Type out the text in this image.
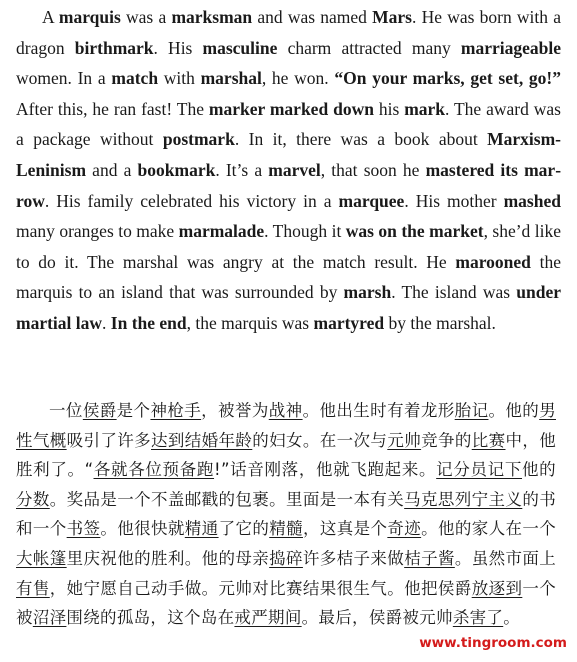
A marquis was a marksman and was named Mars. He was born with a dragon birthmark. His masculine charm attracted many marriageable women. In a match with marshal, he won. “On your marks, get set, go!” After this, he ran fast! The marker marked down his mark. The award was a package without postmark. In it, there was a book about Marxism-Leninism and a bookmark. It’s a marvel, that soon he mastered its marrow. His family celebrated his victory in a marquee. His mother mashed many oranges to make marmalade. Though it was on the market, she’d like to do it. The marshal was angry at the match result. He marooned the marquis to an island that was surrounded by marsh. The island was under martial law. In the end, the marquis was martyred by the marshal.

一位侯爵是个神枪手，被誉为战神。他出生时有着龙形胎记。他的男性气概吸引了许多达到结婚年龄的妇女。在一次与元帅竞争的比赛中，他胜利了。“各就各位预备跑!”话音刚落，他就飞跑起来。记分员记下他的分数。奖品是一个不盖邮戳的包裹。里面是一本有关马克思列宁主义的书和一个书签。他很快就精通了它的精髓，这真是个奇迹。他的家人在一个大帐篷里庆祝他的胜利。他的母亲捣碎许多桔子来做桔子酱。虽然市面上有售，她宁愿自己动手做。元帅对比赛结果很生气。他把侯爵放逐到一个被沼泽围绕的孤岛，这个岛在戒严期间。最后，侯爵被元帅杀害了。

www.tingroom.com
